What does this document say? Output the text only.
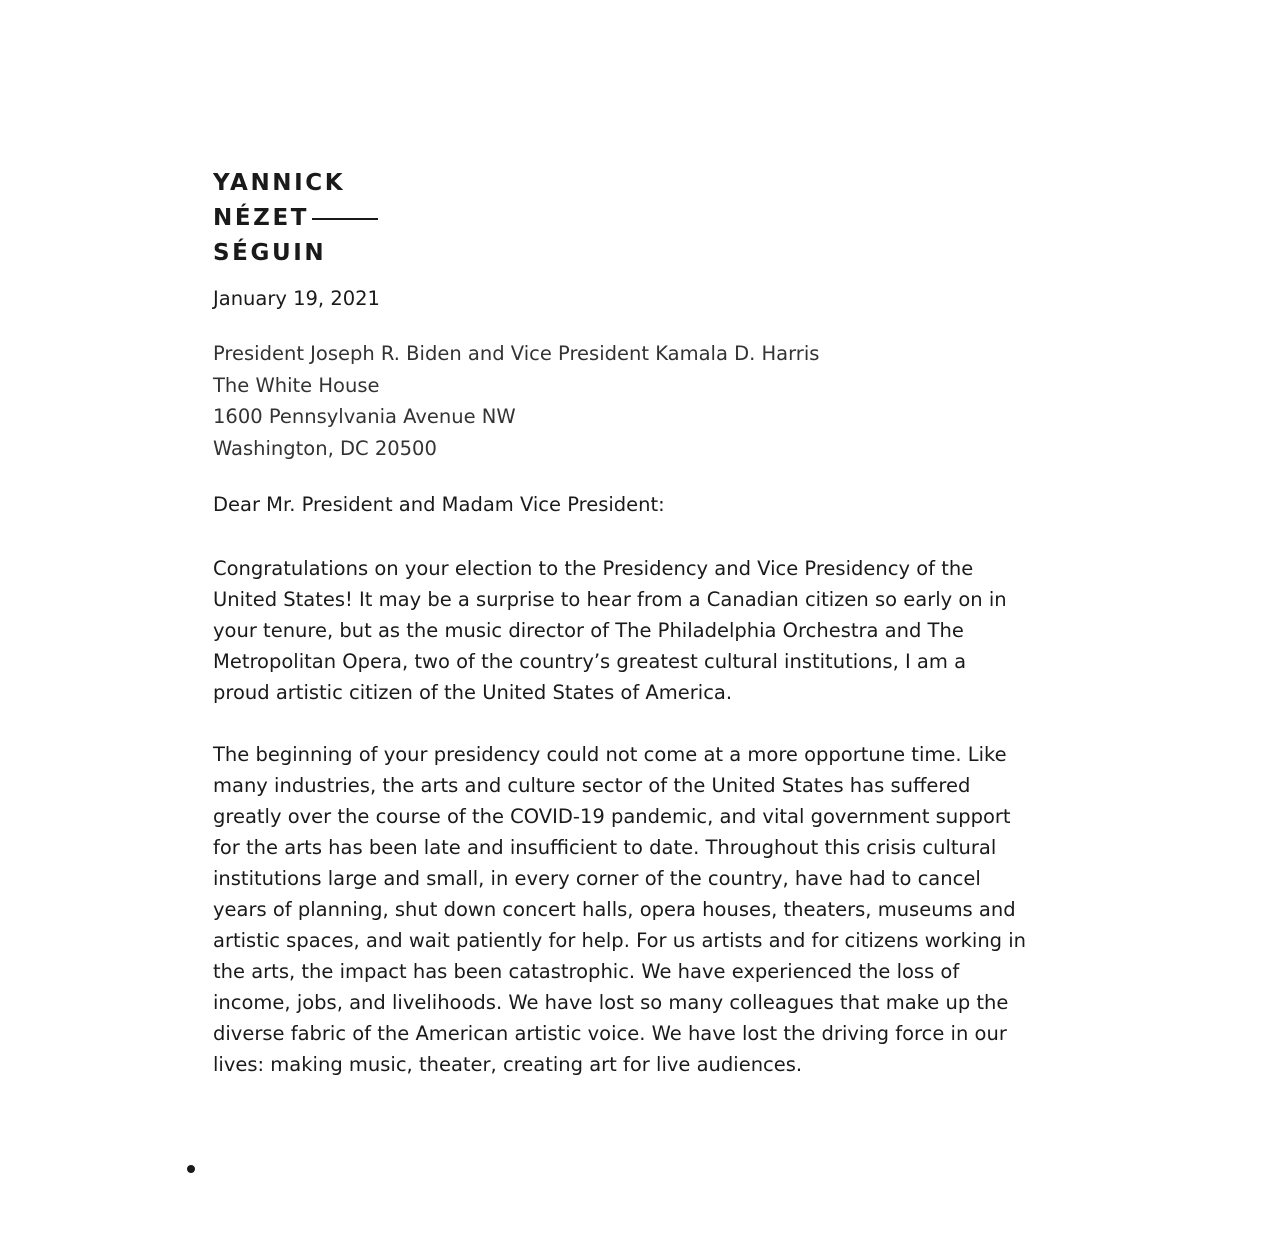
YANNICK
NÉZET
SÉGUIN
January 19, 2021
President Joseph R. Biden and Vice President Kamala D. Harris
The White House
1600 Pennsylvania Avenue NW
Washington, DC 20500
Dear Mr. President and Madam Vice President:
Congratulations on your election to the Presidency and Vice Presidency of the
United States! It may be a surprise to hear from a Canadian citizen so early on in
your tenure, but as the music director of The Philadelphia Orchestra and The
Metropolitan Opera, two of the country’s greatest cultural institutions, I am a
proud artistic citizen of the United States of America.
The beginning of your presidency could not come at a more opportune time. Like
many industries, the arts and culture sector of the United States has suffered
greatly over the course of the COVID-19 pandemic, and vital government support
for the arts has been late and insufficient to date. Throughout this crisis cultural
institutions large and small, in every corner of the country, have had to cancel
years of planning, shut down concert halls, opera houses, theaters, museums and
artistic spaces, and wait patiently for help. For us artists and for citizens working in
the arts, the impact has been catastrophic. We have experienced the loss of
income, jobs, and livelihoods. We have lost so many colleagues that make up the
diverse fabric of the American artistic voice. We have lost the driving force in our
lives: making music, theater, creating art for live audiences.
